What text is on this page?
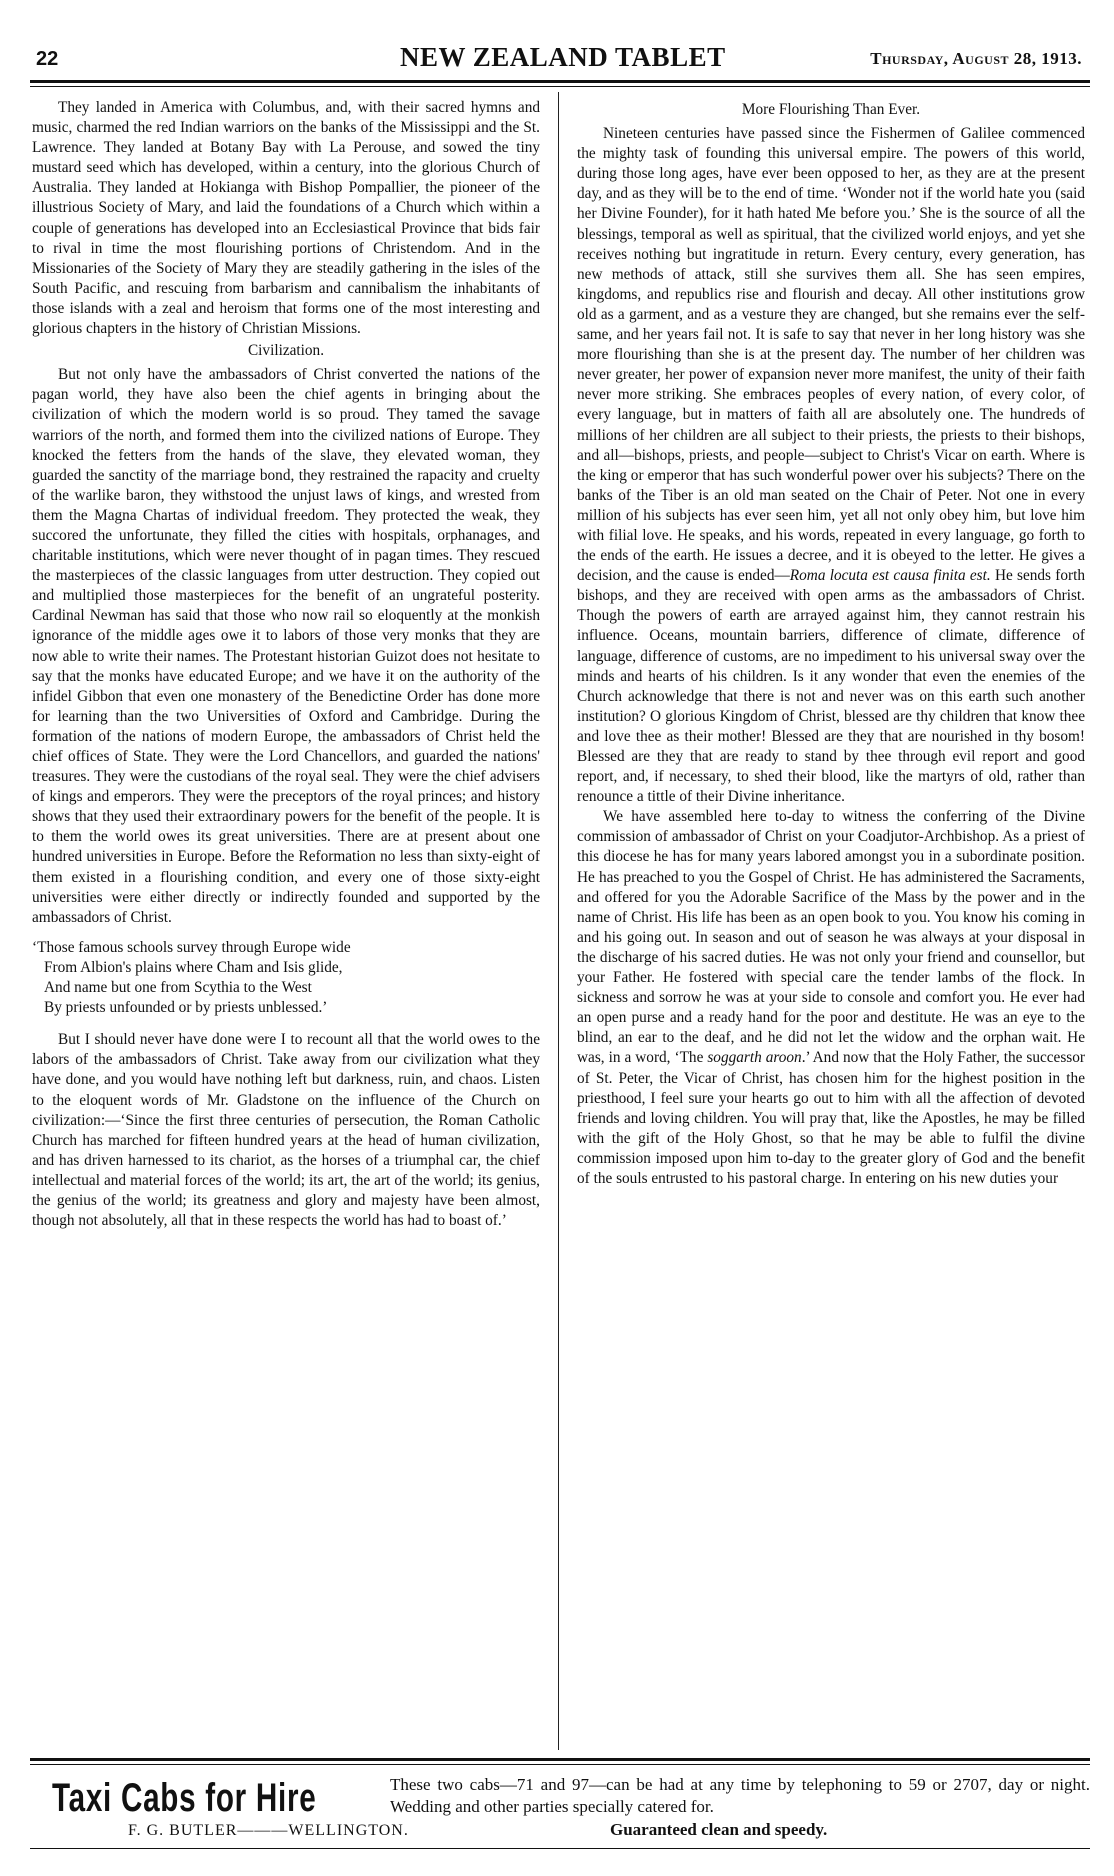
22	NEW ZEALAND TABLET	Thursday, August 28, 1913.

They landed in America with Columbus, and, with their sacred hymns and music, charmed the red Indian warriors on the banks of the Mississippi and the St. Lawrence. They landed at Botany Bay with La Perouse, and sowed the tiny mustard seed which has developed, within a century, into the glorious Church of Australia. They landed at Hokianga with Bishop Pompallier, the pioneer of the illustrious Society of Mary, and laid the foundations of a Church which within a couple of generations has developed into an Ecclesiastical Province that bids fair to rival in time the most flourishing portions of Christendom. And in the Missionaries of the Society of Mary they are steadily gathering in the isles of the South Pacific, and rescuing from barbarism and cannibalism the inhabitants of those islands with a zeal and heroism that forms one of the most interesting and glorious chapters in the history of Christian Missions.

Civilization.

But not only have the ambassadors of Christ converted the nations of the pagan world, they have also been the chief agents in bringing about the civilization of which the modern world is so proud. They tamed the savage warriors of the north, and formed them into the civilized nations of Europe. They knocked the fetters from the hands of the slave, they elevated woman, they guarded the sanctity of the marriage bond, they restrained the rapacity and cruelty of the warlike baron, they withstood the unjust laws of kings, and wrested from them the Magna Chartas of individual freedom. They protected the weak, they succored the unfortunate, they filled the cities with hospitals, orphanages, and charitable institutions, which were never thought of in pagan times. They rescued the masterpieces of the classic languages from utter destruction. They copied out and multiplied those masterpieces for the benefit of an ungrateful posterity. Cardinal Newman has said that those who now rail so eloquently at the monkish ignorance of the middle ages owe it to labors of those very monks that they are now able to write their names. The Protestant historian Guizot does not hesitate to say that the monks have educated Europe; and we have it on the authority of the infidel Gibbon that even one monastery of the Benedictine Order has done more for learning than the two Universities of Oxford and Cambridge. During the formation of the nations of modern Europe, the ambassadors of Christ held the chief offices of State. They were the Lord Chancellors, and guarded the nations' treasures. They were the custodians of the royal seal. They were the chief advisers of kings and emperors. They were the preceptors of the royal princes; and history shows that they used their extraordinary powers for the benefit of the people. It is to them the world owes its great universities. There are at present about one hundred universities in Europe. Before the Reformation no less than sixty-eight of them existed in a flourishing condition, and every one of those sixty-eight universities were either directly or indirectly founded and supported by the ambassadors of Christ.

‘Those famous schools survey through Europe wide
From Albion's plains where Cham and Isis glide,
And name but one from Scythia to the West
By priests unfounded or by priests unblessed.’

But I should never have done were I to recount all that the world owes to the labors of the ambassadors of Christ. Take away from our civilization what they have done, and you would have nothing left but darkness, ruin, and chaos. Listen to the eloquent words of Mr. Gladstone on the influence of the Church on civilization:—‘Since the first three centuries of persecution, the Roman Catholic Church has marched for fifteen hundred years at the head of human civilization, and has driven harnessed to its chariot, as the horses of a triumphal car, the chief intellectual and material forces of the world; its art, the art of the world; its genius, the genius of the world; its greatness and glory and majesty have been almost, though not absolutely, all that in these respects the world has had to boast of.’

More Flourishing Than Ever.

Nineteen centuries have passed since the Fishermen of Galilee commenced the mighty task of founding this universal empire. The powers of this world, during those long ages, have ever been opposed to her, as they are at the present day, and as they will be to the end of time. ‘Wonder not if the world hate you (said her Divine Founder), for it hath hated Me before you.’ She is the source of all the blessings, temporal as well as spiritual, that the civilized world enjoys, and yet she receives nothing but ingratitude in return. Every century, every generation, has new methods of attack, still she survives them all. She has seen empires, kingdoms, and republics rise and flourish and decay. All other institutions grow old as a garment, and as a vesture they are changed, but she remains ever the self-same, and her years fail not. It is safe to say that never in her long history was she more flourishing than she is at the present day. The number of her children was never greater, her power of expansion never more manifest, the unity of their faith never more striking. She embraces peoples of every nation, of every color, of every language, but in matters of faith all are absolutely one. The hundreds of millions of her children are all subject to their priests, the priests to their bishops, and all—bishops, priests, and people—subject to Christ's Vicar on earth. Where is the king or emperor that has such wonderful power over his subjects? There on the banks of the Tiber is an old man seated on the Chair of Peter. Not one in every million of his subjects has ever seen him, yet all not only obey him, but love him with filial love. He speaks, and his words, repeated in every language, go forth to the ends of the earth. He issues a decree, and it is obeyed to the letter. He gives a decision, and the cause is ended—Roma locuta est causa finita est. He sends forth bishops, and they are received with open arms as the ambassadors of Christ. Though the powers of earth are arrayed against him, they cannot restrain his influence. Oceans, mountain barriers, difference of climate, difference of language, difference of customs, are no impediment to his universal sway over the minds and hearts of his children. Is it any wonder that even the enemies of the Church acknowledge that there is not and never was on this earth such another institution? O glorious Kingdom of Christ, blessed are thy children that know thee and love thee as their mother! Blessed are they that are nourished in thy bosom! Blessed are they that are ready to stand by thee through evil report and good report, and, if necessary, to shed their blood, like the martyrs of old, rather than renounce a tittle of their Divine inheritance.

We have assembled here to-day to witness the conferring of the Divine commission of ambassador of Christ on your Coadjutor-Archbishop. As a priest of this diocese he has for many years labored amongst you in a subordinate position. He has preached to you the Gospel of Christ. He has administered the Sacraments, and offered for you the Adorable Sacrifice of the Mass by the power and in the name of Christ. His life has been as an open book to you. You know his coming in and his going out. In season and out of season he was always at your disposal in the discharge of his sacred duties. He was not only your friend and counsellor, but your Father. He fostered with special care the tender lambs of the flock. In sickness and sorrow he was at your side to console and comfort you. He ever had an open purse and a ready hand for the poor and destitute. He was an eye to the blind, an ear to the deaf, and he did not let the widow and the orphan wait. He was, in a word, ‘The soggarth aroon.’ And now that the Holy Father, the successor of St. Peter, the Vicar of Christ, has chosen him for the highest position in the priesthood, I feel sure your hearts go out to him with all the affection of devoted friends and loving children. You will pray that, like the Apostles, he may be filled with the gift of the Holy Ghost, so that he may be able to fulfil the divine commission imposed upon him to-day to the greater glory of God and the benefit of the souls entrusted to his pastoral charge. In entering on his new duties your

Taxi Cabs for Hire	These two cabs—71 and 97—can be had at any time by telephoning to 59 or 2707, day or night. Wedding and other parties specially catered for.
F. G. BUTLER———WELLINGTON.	Guaranteed clean and speedy.
